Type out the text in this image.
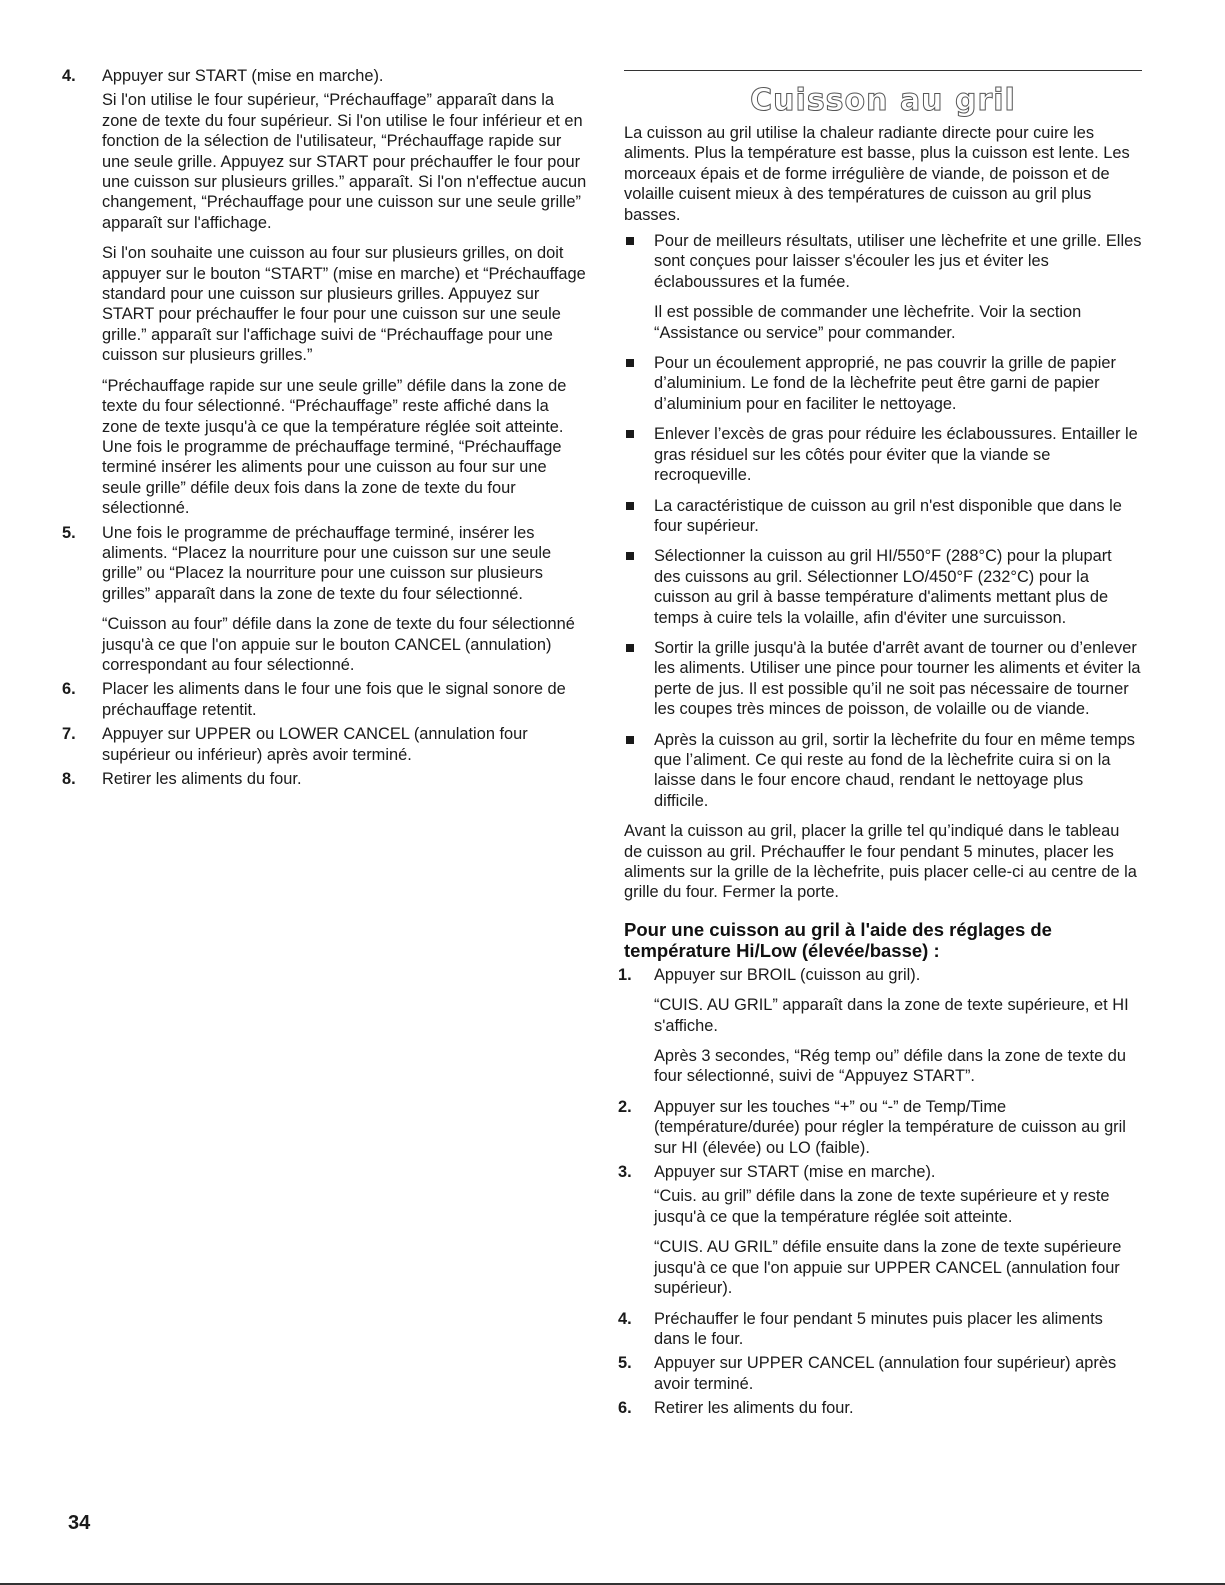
4.	Appuyer sur START (mise en marche).

Si l'on utilise le four supérieur, “Préchauffage” apparaît dans la zone de texte du four supérieur. Si l'on utilise le four inférieur et en fonction de la sélection de l'utilisateur, “Préchauffage rapide sur une seule grille. Appuyez sur START pour préchauffer le four pour une cuisson sur plusieurs grilles.” apparaît. Si l'on n'effectue aucun changement, “Préchauffage pour une cuisson sur une seule grille” apparaît sur l'affichage.

Si l'on souhaite une cuisson au four sur plusieurs grilles, on doit appuyer sur le bouton “START” (mise en marche) et “Préchauffage standard pour une cuisson sur plusieurs grilles. Appuyez sur START pour préchauffer le four pour une cuisson sur une seule grille.” apparaît sur l'affichage suivi de “Préchauffage pour une cuisson sur plusieurs grilles.”

“Préchauffage rapide sur une seule grille” défile dans la zone de texte du four sélectionné. “Préchauffage” reste affiché dans la zone de texte jusqu'à ce que la température réglée soit atteinte. Une fois le programme de préchauffage terminé, “Préchauffage terminé insérer les aliments pour une cuisson au four sur une seule grille” défile deux fois dans la zone de texte du four sélectionné.

5.	Une fois le programme de préchauffage terminé, insérer les aliments. “Placez la nourriture pour une cuisson sur une seule grille” ou “Placez la nourriture pour une cuisson sur plusieurs grilles” apparaît dans la zone de texte du four sélectionné.

“Cuisson au four” défile dans la zone de texte du four sélectionné jusqu'à ce que l'on appuie sur le bouton CANCEL (annulation) correspondant au four sélectionné.

6.	Placer les aliments dans le four une fois que le signal sonore de préchauffage retentit.

7.	Appuyer sur UPPER ou LOWER CANCEL (annulation four supérieur ou inférieur) après avoir terminé.

8.	Retirer les aliments du four.

Cuisson au gril

La cuisson au gril utilise la chaleur radiante directe pour cuire les aliments. Plus la température est basse, plus la cuisson est lente. Les morceaux épais et de forme irrégulière de viande, de poisson et de volaille cuisent mieux à des températures de cuisson au gril plus basses.

Pour de meilleurs résultats, utiliser une lèchefrite et une grille. Elles sont conçues pour laisser s'écouler les jus et éviter les éclaboussures et la fumée.

Il est possible de commander une lèchefrite. Voir la section “Assistance ou service” pour commander.

Pour un écoulement approprié, ne pas couvrir la grille de papier d’aluminium. Le fond de la lèchefrite peut être garni de papier d’aluminium pour en faciliter le nettoyage.

Enlever l’excès de gras pour réduire les éclaboussures. Entailler le gras résiduel sur les côtés pour éviter que la viande se recroqueville.

La caractéristique de cuisson au gril n'est disponible que dans le four supérieur.

Sélectionner la cuisson au gril HI/550°F (288°C) pour la plupart des cuissons au gril. Sélectionner LO/450°F (232°C) pour la cuisson au gril à basse température d'aliments mettant plus de temps à cuire tels la volaille, afin d'éviter une surcuisson.

Sortir la grille jusqu'à la butée d'arrêt avant de tourner ou d’enlever les aliments. Utiliser une pince pour tourner les aliments et éviter la perte de jus. Il est possible qu’il ne soit pas nécessaire de tourner les coupes très minces de poisson, de volaille ou de viande.

Après la cuisson au gril, sortir la lèchefrite du four en même temps que l’aliment. Ce qui reste au fond de la lèchefrite cuira si on la laisse dans le four encore chaud, rendant le nettoyage plus difficile.

Avant la cuisson au gril, placer la grille tel qu’indiqué dans le tableau de cuisson au gril. Préchauffer le four pendant 5 minutes, placer les aliments sur la grille de la lèchefrite, puis placer celle-ci au centre de la grille du four. Fermer la porte.

Pour une cuisson au gril à l'aide des réglages de température Hi/Low (élevée/basse) :
1.	Appuyer sur BROIL (cuisson au gril).

“CUIS. AU GRIL” apparaît dans la zone de texte supérieure, et HI s'affiche.

Après 3 secondes, “Rég temp ou” défile dans la zone de texte du four sélectionné, suivi de “Appuyez START”.

2.	Appuyer sur les touches “+” ou “-” de Temp/Time (température/durée) pour régler la température de cuisson au gril sur HI (élevée) ou LO (faible).

3.	Appuyer sur START (mise en marche).

“Cuis. au gril” défile dans la zone de texte supérieure et y reste jusqu'à ce que la température réglée soit atteinte.

“CUIS. AU GRIL” défile ensuite dans la zone de texte supérieure jusqu'à ce que l'on appuie sur UPPER CANCEL (annulation four supérieur).

4.	Préchauffer le four pendant 5 minutes puis placer les aliments dans le four.

5.	Appuyer sur UPPER CANCEL (annulation four supérieur) après avoir terminé.

6.	Retirer les aliments du four.

34
